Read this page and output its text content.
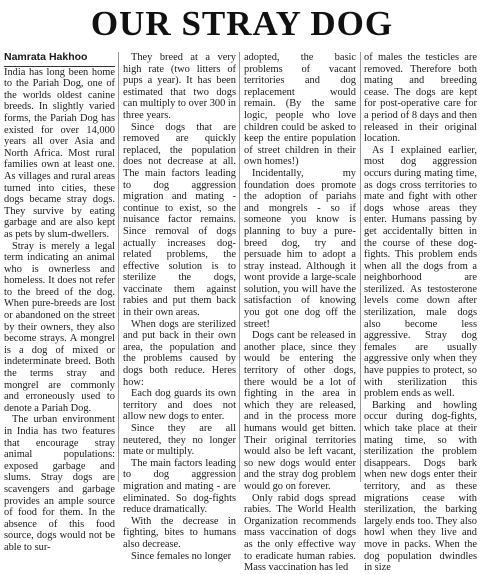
OUR STRAY DOG

Namrata Hakhoo

India has long been home to the Pariah Dog, one of the worlds oldest canine breeds. In slightly varied forms, the Pariah Dog has existed for over 14,000 years all over Asia and North Africa. Most rural families own at least one. As villages and rural areas turned into cities, these dogs became stray dogs. They survive by eating garbage and are also kept as pets by slum-dwellers.

Stray is merely a legal term indicating an animal who is ownerless and homeless. It does not refer to the breed of the dog. When pure-breeds are lost or abandoned on the street by their owners, they also become strays. A mongrel is a dog of mixed or indeterminate breed. Both the terms stray and mongrel are commonly and erroneously used to denote a Pariah Dog.

The urban environment in India has two features that encourage stray animal populations: exposed garbage and slums. Stray dogs are scavengers and garbage provides an ample source of food for them. In the absence of this food source, dogs would not be able to sur-

They breed at a very high rate (two litters of pups a year). It has been estimated that two dogs can multiply to over 300 in three years.

Since dogs that are removed are quickly replaced, the population does not decrease at all. The main factors leading to dog aggression migration and mating - continue to exist, so the nuisance factor remains. Since removal of dogs actually increases dog-related problems, the effective solution is to sterilize the dogs, vaccinate them against rabies and put them back in their own areas.

When dogs are sterilized and put back in their own area, the population and the problems caused by dogs both reduce. Heres how:

Each dog guards its own territory and does not allow new dogs to enter.

Since they are all neutered, they no longer mate or multiply.

The main factors leading to dog aggression migration and mating - are eliminated. So dog-fights reduce dramatically.

With the decrease in fighting, bites to humans also decrease.

Since females no longer

adopted, the basic problems of vacant territories and dog replacement would remain. (By the same logic, people who love children could be asked to keep the entire population of street children in their own homes!)

Incidentally, my foundation does promote the adoption of pariahs and mongrels - so if someone you know is planning to buy a pure-breed dog, try and persuade him to adopt a stray instead. Although it wont provide a large-scale solution, you will have the satisfaction of knowing you got one dog off the street!

Dogs cant be released in another place, since they would be entering the territory of other dogs, there would be a lot of fighting in the area in which they are released, and in the process more humans would get bitten. Their original territories would also be left vacant, so new dogs would enter and the stray dog problem would go on forever.

Only rabid dogs spread rabies. The World Health Organization recommends mass vaccination of dogs as the only effective way to eradicate human rabies. Mass vaccination has led

of males the testicles are removed. Therefore both mating and breeding cease. The dogs are kept for post-operative care for a period of 8 days and then released in their original location.

As I explained earlier, most dog aggression occurs during mating time, as dogs cross territories to mate and fight with other dogs whose areas they enter. Humans passing by get accidentally bitten in the course of these dog-fights. This problem ends when all the dogs from a neighborhood are sterilized. As testosterone levels come down after sterilization, male dogs also become less aggressive. Stray dog females are usually aggressive only when they have puppies to protect, so with sterilization this problem ends as well.

Barking and howling occur during dog-fights, which take place at their mating time, so with sterilization the problem disappears. Dogs bark when new dogs enter their territory, and as these migrations cease with sterilization, the barking largely ends too. They also howl when they live and move in packs. When the dog population dwindles in size
